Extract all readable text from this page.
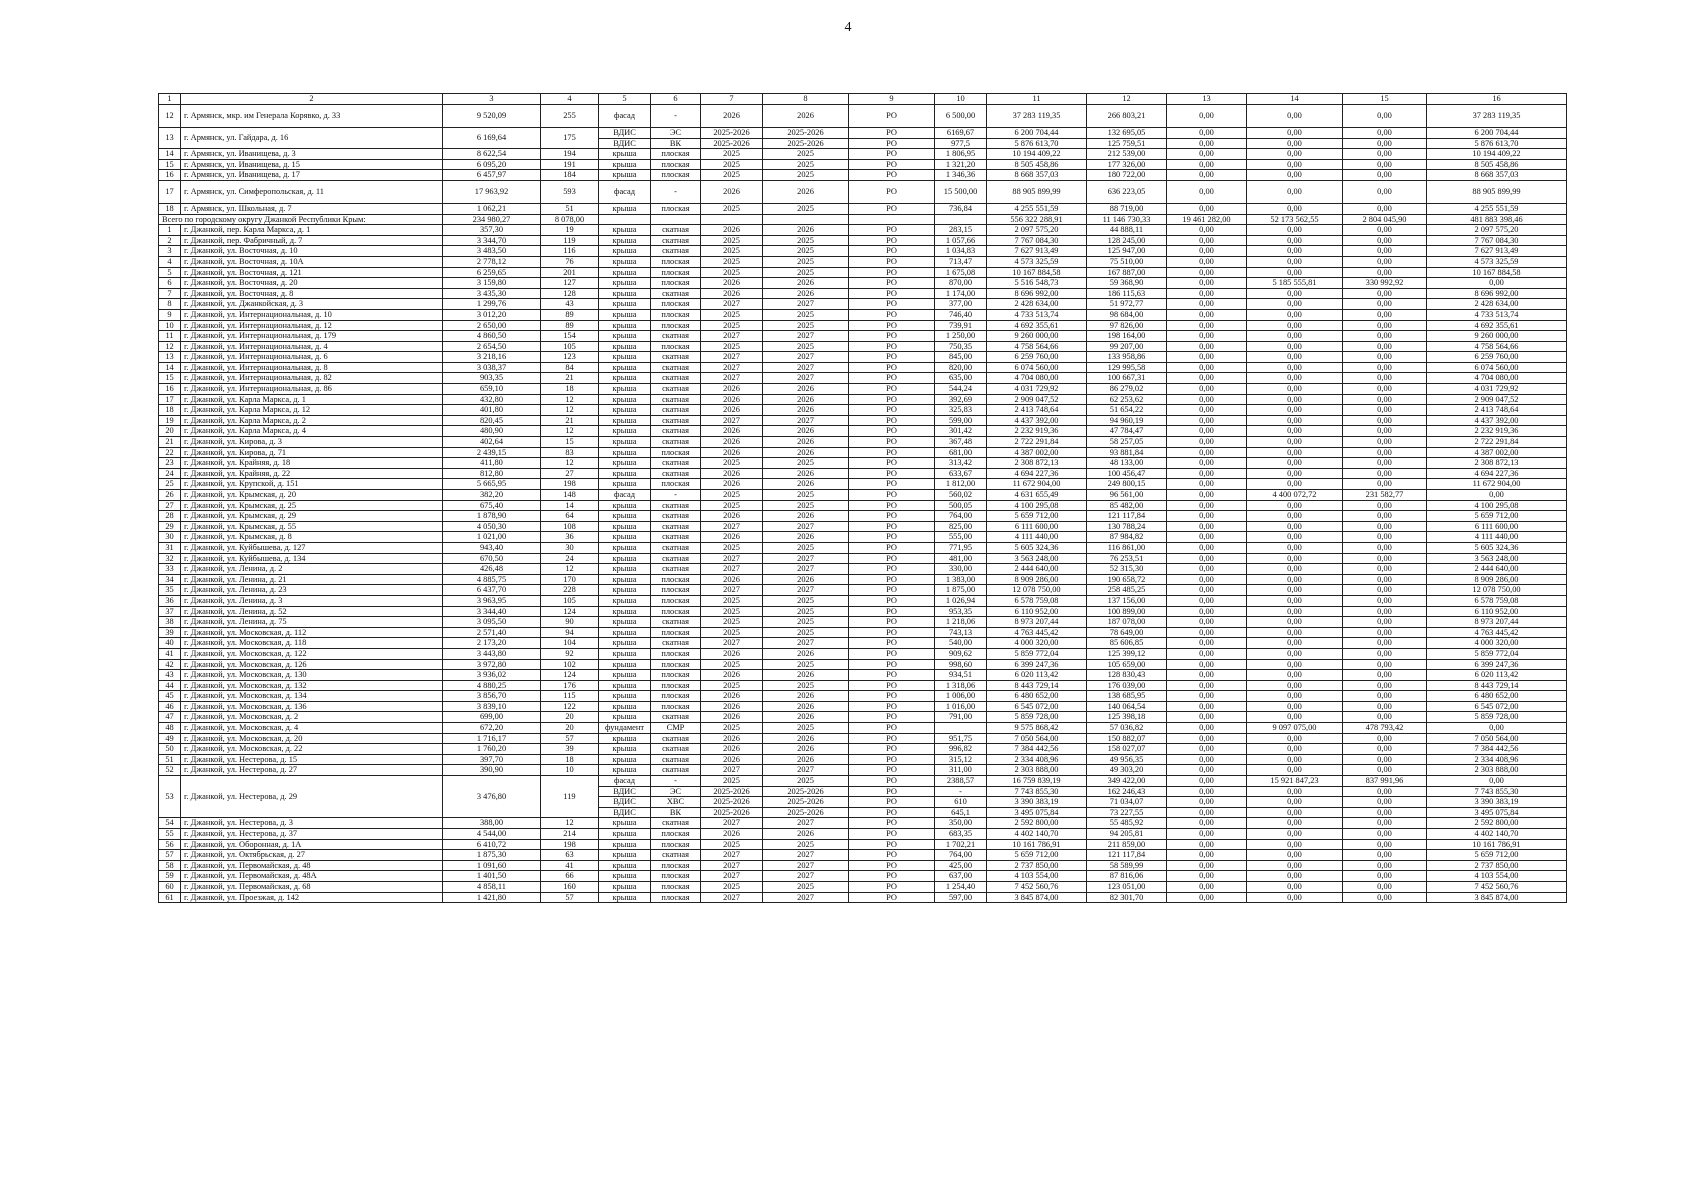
4
1	2	3	4	5	6	7	8	9	10	11	12	13	14	15	16
12	г. Армянск, мкр. им Генерала Корявко, д. 33	9 520,09	255	фасад	-	2026	2026	РО	6 500,00	37 283 119,35	266 803,21	0,00	0,00	0,00	37 283 119,35
13	г. Армянск, ул. Гайдара, д. 16	6 169,64	175	ВДИС	ЭС	2025-2026	2025-2026	РО	6169,67	6 200 704,44	132 695,05	0,00	0,00	0,00	6 200 704,44
				ВДИС	ВК	2025-2026	2025-2026	РО	977,5	5 876 613,70	125 759,51	0,00	0,00	0,00	5 876 613,70
14	г. Армянск, ул. Иванищева, д. 3	8 622,54	194	крыша	плоская	2025	2025	РО	1 806,95	10 194 409,22	212 539,00	0,00	0,00	0,00	10 194 409,22
15	г. Армянск, ул. Иванищева, д. 15	6 095,20	191	крыша	плоская	2025	2025	РО	1 321,20	8 505 458,86	177 326,00	0,00	0,00	0,00	8 505 458,86
16	г. Армянск, ул. Иванищева, д. 17	6 457,97	184	крыша	плоская	2025	2025	РО	1 346,36	8 668 357,03	180 722,00	0,00	0,00	0,00	8 668 357,03
17	г. Армянск, ул. Симферопольская, д. 11	17 963,92	593	фасад	-	2026	2026	РО	15 500,00	88 905 899,99	636 223,05	0,00	0,00	0,00	88 905 899,99
18	г. Армянск, ул. Школьная, д. 7	1 062,21	51	крыша	плоская	2025	2025	РО	736,84	4 255 551,59	88 719,00	0,00	0,00	0,00	4 255 551,59
Всего по городскому округу Джанкой Республики Крым:		234 980,27	8 078,00							556 322 288,91	11 146 730,33	19 461 282,00	52 173 562,55	2 804 045,90	481 883 398,46
1	г. Джанкой, пер. Карла Маркса, д. 1	357,30	19	крыша	скатная	2026	2026	РО	283,15	2 097 575,20	44 888,11	0,00	0,00	0,00	2 097 575,20
2	г. Джанкой, пер. Фабричный, д. 7	3 344,70	119	крыша	скатная	2025	2025	РО	1 057,66	7 767 084,30	128 245,00	0,00	0,00	0,00	7 767 084,30
3	г. Джанкой, ул. Восточная, д. 10	3 483,50	116	крыша	скатная	2025	2025	РО	1 034,83	7 627 913,49	125 947,00	0,00	0,00	0,00	7 627 913,49
4	г. Джанкой, ул. Восточная, д. 10А	2 778,12	76	крыша	плоская	2025	2025	РО	713,47	4 573 325,59	75 510,00	0,00	0,00	0,00	4 573 325,59
5	г. Джанкой, ул. Восточная, д. 121	6 259,65	201	крыша	плоская	2025	2025	РО	1 675,08	10 167 884,58	167 887,00	0,00	0,00	0,00	10 167 884,58
6	г. Джанкой, ул. Восточная, д. 20	3 159,80	127	крыша	плоская	2026	2026	РО	870,00	5 516 548,73	59 368,90	0,00	5 185 555,81	330 992,92	0,00
7	г. Джанкой, ул. Восточная, д. 8	3 435,30	128	крыша	скатная	2026	2026	РО	1 174,00	8 696 992,00	186 115,63	0,00	0,00	0,00	8 696 992,00
8	г. Джанкой, ул. Джанкойская, д. 3	1 299,76	43	крыша	плоская	2027	2027	РО	377,00	2 428 634,00	51 972,77	0,00	0,00	0,00	2 428 634,00
9	г. Джанкой, ул. Интернациональная, д. 10	3 012,20	89	крыша	плоская	2025	2025	РО	746,40	4 733 513,74	98 684,00	0,00	0,00	0,00	4 733 513,74
10	г. Джанкой, ул. Интернациональная, д. 12	2 650,00	89	крыша	плоская	2025	2025	РО	739,91	4 692 355,61	97 826,00	0,00	0,00	0,00	4 692 355,61
11	г. Джанкой, ул. Интернациональная, д. 179	4 860,50	154	крыша	скатная	2027	2027	РО	1 250,00	9 260 000,00	198 164,00	0,00	0,00	0,00	9 260 000,00
12	г. Джанкой, ул. Интернациональная, д. 4	2 654,50	105	крыша	плоская	2025	2025	РО	750,35	4 758 564,66	99 207,00	0,00	0,00	0,00	4 758 564,66
13	г. Джанкой, ул. Интернациональная, д. 6	3 218,16	123	крыша	скатная	2027	2027	РО	845,00	6 259 760,00	133 958,86	0,00	0,00	0,00	6 259 760,00
14	г. Джанкой, ул. Интернациональная, д. 8	3 038,37	84	крыша	скатная	2027	2027	РО	820,00	6 074 560,00	129 995,58	0,00	0,00	0,00	6 074 560,00
15	г. Джанкой, ул. Интернациональная, д. 82	903,35	21	крыша	скатная	2027	2027	РО	635,00	4 704 080,00	100 667,31	0,00	0,00	0,00	4 704 080,00
16	г. Джанкой, ул. Интернациональная, д. 86	659,10	18	крыша	скатная	2026	2026	РО	544,24	4 031 729,92	86 279,02	0,00	0,00	0,00	4 031 729,92
17	г. Джанкой, ул. Карла Маркса, д. 1	432,80	12	крыша	скатная	2026	2026	РО	392,69	2 909 047,52	62 253,62	0,00	0,00	0,00	2 909 047,52
18	г. Джанкой, ул. Карла Маркса, д. 12	401,80	12	крыша	скатная	2026	2026	РО	325,83	2 413 748,64	51 654,22	0,00	0,00	0,00	2 413 748,64
19	г. Джанкой, ул. Карла Маркса, д. 2	820,45	21	крыша	скатная	2027	2027	РО	599,00	4 437 392,00	94 960,19	0,00	0,00	0,00	4 437 392,00
20	г. Джанкой, ул. Карла Маркса, д. 4	480,90	12	крыша	скатная	2026	2026	РО	301,42	2 232 919,36	47 784,47	0,00	0,00	0,00	2 232 919,36
21	г. Джанкой, ул. Кирова, д. 3	402,64	15	крыша	скатная	2026	2026	РО	367,48	2 722 291,84	58 257,05	0,00	0,00	0,00	2 722 291,84
22	г. Джанкой, ул. Кирова, д. 71	2 439,15	83	крыша	плоская	2026	2026	РО	681,00	4 387 002,00	93 881,84	0,00	0,00	0,00	4 387 002,00
23	г. Джанкой, ул. Крайняя, д. 18	411,80	12	крыша	скатная	2025	2025	РО	313,42	2 308 872,13	48 133,00	0,00	0,00	0,00	2 308 872,13
24	г. Джанкой, ул. Крайняя, д. 22	812,80	27	крыша	скатная	2026	2026	РО	633,67	4 694 227,36	100 456,47	0,00	0,00	0,00	4 694 227,36
25	г. Джанкой, ул. Крупской, д. 151	5 665,95	198	крыша	плоская	2026	2026	РО	1 812,00	11 672 904,00	249 800,15	0,00	0,00	0,00	11 672 904,00
26	г. Джанкой, ул. Крымская, д. 20	382,20	148	фасад	-	2025	2025	РО	560,02	4 631 655,49	96 561,00	0,00	4 400 072,72	231 582,77	0,00
27	г. Джанкой, ул. Крымская, д. 25	675,40	14	крыша	скатная	2025	2025	РО	500,05	4 100 295,08	85 482,00	0,00	0,00	0,00	4 100 295,08
28	г. Джанкой, ул. Крымская, д. 29	1 878,90	64	крыша	скатная	2026	2026	РО	764,00	5 659 712,00	121 117,84	0,00	0,00	0,00	5 659 712,00
29	г. Джанкой, ул. Крымская, д. 55	4 050,30	108	крыша	скатная	2027	2027	РО	825,00	6 111 600,00	130 788,24	0,00	0,00	0,00	6 111 600,00
30	г. Джанкой, ул. Крымская, д. 8	1 021,00	36	крыша	скатная	2026	2026	РО	555,00	4 111 440,00	87 984,82	0,00	0,00	0,00	4 111 440,00
31	г. Джанкой, ул. Куйбышева, д. 127	943,40	30	крыша	скатная	2025	2025	РО	771,95	5 605 324,36	116 861,00	0,00	0,00	0,00	5 605 324,36
32	г. Джанкой, ул. Куйбышева, д. 134	670,50	24	крыша	скатная	2027	2027	РО	481,00	3 563 248,00	76 253,51	0,00	0,00	0,00	3 563 248,00
33	г. Джанкой, ул. Ленина, д. 2	426,48	12	крыша	скатная	2027	2027	РО	330,00	2 444 640,00	52 315,30	0,00	0,00	0,00	2 444 640,00
34	г. Джанкой, ул. Ленина, д. 21	4 885,75	170	крыша	плоская	2026	2026	РО	1 383,00	8 909 286,00	190 658,72	0,00	0,00	0,00	8 909 286,00
35	г. Джанкой, ул. Ленина, д. 23	6 437,70	228	крыша	плоская	2027	2027	РО	1 875,00	12 078 750,00	258 485,25	0,00	0,00	0,00	12 078 750,00
36	г. Джанкой, ул. Ленина, д. 3	3 963,95	105	крыша	плоская	2025	2025	РО	1 026,94	6 578 759,08	137 156,00	0,00	0,00	0,00	6 578 759,08
37	г. Джанкой, ул. Ленина, д. 52	3 344,40	124	крыша	плоская	2025	2025	РО	953,35	6 110 952,00	100 899,00	0,00	0,00	0,00	6 110 952,00
38	г. Джанкой, ул. Ленина, д. 75	3 095,50	90	крыша	скатная	2025	2025	РО	1 218,06	8 973 207,44	187 078,00	0,00	0,00	0,00	8 973 207,44
39	г. Джанкой, ул. Московская, д. 112	2 571,40	94	крыша	плоская	2025	2025	РО	743,13	4 763 445,42	78 649,00	0,00	0,00	0,00	4 763 445,42
40	г. Джанкой, ул. Московская, д. 118	2 173,20	104	крыша	скатная	2027	2027	РО	540,00	4 000 320,00	85 606,85	0,00	0,00	0,00	4 000 320,00
41	г. Джанкой, ул. Московская, д. 122	3 443,80	92	крыша	плоская	2026	2026	РО	909,62	5 859 772,04	125 399,12	0,00	0,00	0,00	5 859 772,04
42	г. Джанкой, ул. Московская, д. 126	3 972,80	102	крыша	плоская	2025	2025	РО	998,60	6 399 247,36	105 659,00	0,00	0,00	0,00	6 399 247,36
43	г. Джанкой, ул. Московская, д. 130	3 936,02	124	крыша	плоская	2026	2026	РО	934,51	6 020 113,42	128 830,43	0,00	0,00	0,00	6 020 113,42
44	г. Джанкой, ул. Московская, д. 132	4 880,25	176	крыша	плоская	2025	2025	РО	1 318,06	8 443 729,14	176 039,00	0,00	0,00	0,00	8 443 729,14
45	г. Джанкой, ул. Московская, д. 134	3 856,70	115	крыша	плоская	2026	2026	РО	1 006,00	6 480 652,00	138 685,95	0,00	0,00	0,00	6 480 652,00
46	г. Джанкой, ул. Московская, д. 136	3 839,10	122	крыша	плоская	2026	2026	РО	1 016,00	6 545 072,00	140 064,54	0,00	0,00	0,00	6 545 072,00
47	г. Джанкой, ул. Московская, д. 2	699,00	20	крыша	скатная	2026	2026	РО	791,00	5 859 728,00	125 398,18	0,00	0,00	0,00	5 859 728,00
48	г. Джанкой, ул. Московская, д. 4	672,20	20	фундамент	СМР	2025	2025	РО		9 575 868,42	57 036,82	0,00	9 097 075,00	478 793,42	0,00
49	г. Джанкой, ул. Московская, д. 20	1 716,17	57	крыша	скатная	2026	2026	РО	951,75	7 050 564,00	150 882,07	0,00	0,00	0,00	7 050 564,00
50	г. Джанкой, ул. Московская, д. 22	1 760,20	39	крыша	скатная	2026	2026	РО	996,82	7 384 442,56	158 027,07	0,00	0,00	0,00	7 384 442,56
51	г. Джанкой, ул. Нестерова, д. 15	397,70	18	крыша	скатная	2026	2026	РО	315,12	2 334 408,96	49 956,35	0,00	0,00	0,00	2 334 408,96
52	г. Джанкой, ул. Нестерова, д. 27	390,90	10	крыша	скатная	2027	2027	РО	311,00	2 303 888,00	49 303,20	0,00	0,00	0,00	2 303 888,00
53	г. Джанкой, ул. Нестерова, д. 29	3 476,80	119	фасад	-	2025	2025	РО	2388,57	16 759 839,19	349 422,00	0,00	15 921 847,23	837 991,96	0,00
				ВДИС	ЭС	2025-2026	2025-2026	РО	-	7 743 855,30	162 246,43	0,00	0,00	0,00	7 743 855,30
				ВДИС	ХВС	2025-2026	2025-2026	РО	610	3 390 383,19	71 034,07	0,00	0,00	0,00	3 390 383,19
				ВДИС	ВК	2025-2026	2025-2026	РО	645,1	3 495 075,84	73 227,55	0,00	0,00	0,00	3 495 075,84
54	г. Джанкой, ул. Нестерова, д. 3	388,00	12	крыша	скатная	2027	2027	РО	350,00	2 592 800,00	55 485,92	0,00	0,00	0,00	2 592 800,00
55	г. Джанкой, ул. Нестерова, д. 37	4 544,00	214	крыша	плоская	2026	2026	РО	683,35	4 402 140,70	94 205,81	0,00	0,00	0,00	4 402 140,70
56	г. Джанкой, ул. Оборонная, д. 1А	6 410,72	198	крыша	плоская	2025	2025	РО	1 702,21	10 161 786,91	211 859,00	0,00	0,00	0,00	10 161 786,91
57	г. Джанкой, ул. Октябрьская, д. 27	1 875,30	63	крыша	скатная	2027	2027	РО	764,00	5 659 712,00	121 117,84	0,00	0,00	0,00	5 659 712,00
58	г. Джанкой, ул. Первомайская, д. 48	1 091,60	41	крыша	плоская	2027	2027	РО	425,00	2 737 850,00	58 589,99	0,00	0,00	0,00	2 737 850,00
59	г. Джанкой, ул. Первомайская, д. 48А	1 401,50	66	крыша	плоская	2027	2027	РО	637,00	4 103 554,00	87 816,06	0,00	0,00	0,00	4 103 554,00
60	г. Джанкой, ул. Первомайская, д. 68	4 858,11	160	крыша	плоская	2025	2025	РО	1 254,40	7 452 560,76	123 051,00	0,00	0,00	0,00	7 452 560,76
61	г. Джанкой, ул. Проезжая, д. 142	1 421,80	57	крыша	плоская	2027	2027	РО	597,00	3 845 874,00	82 301,70	0,00	0,00	0,00	3 845 874,00
